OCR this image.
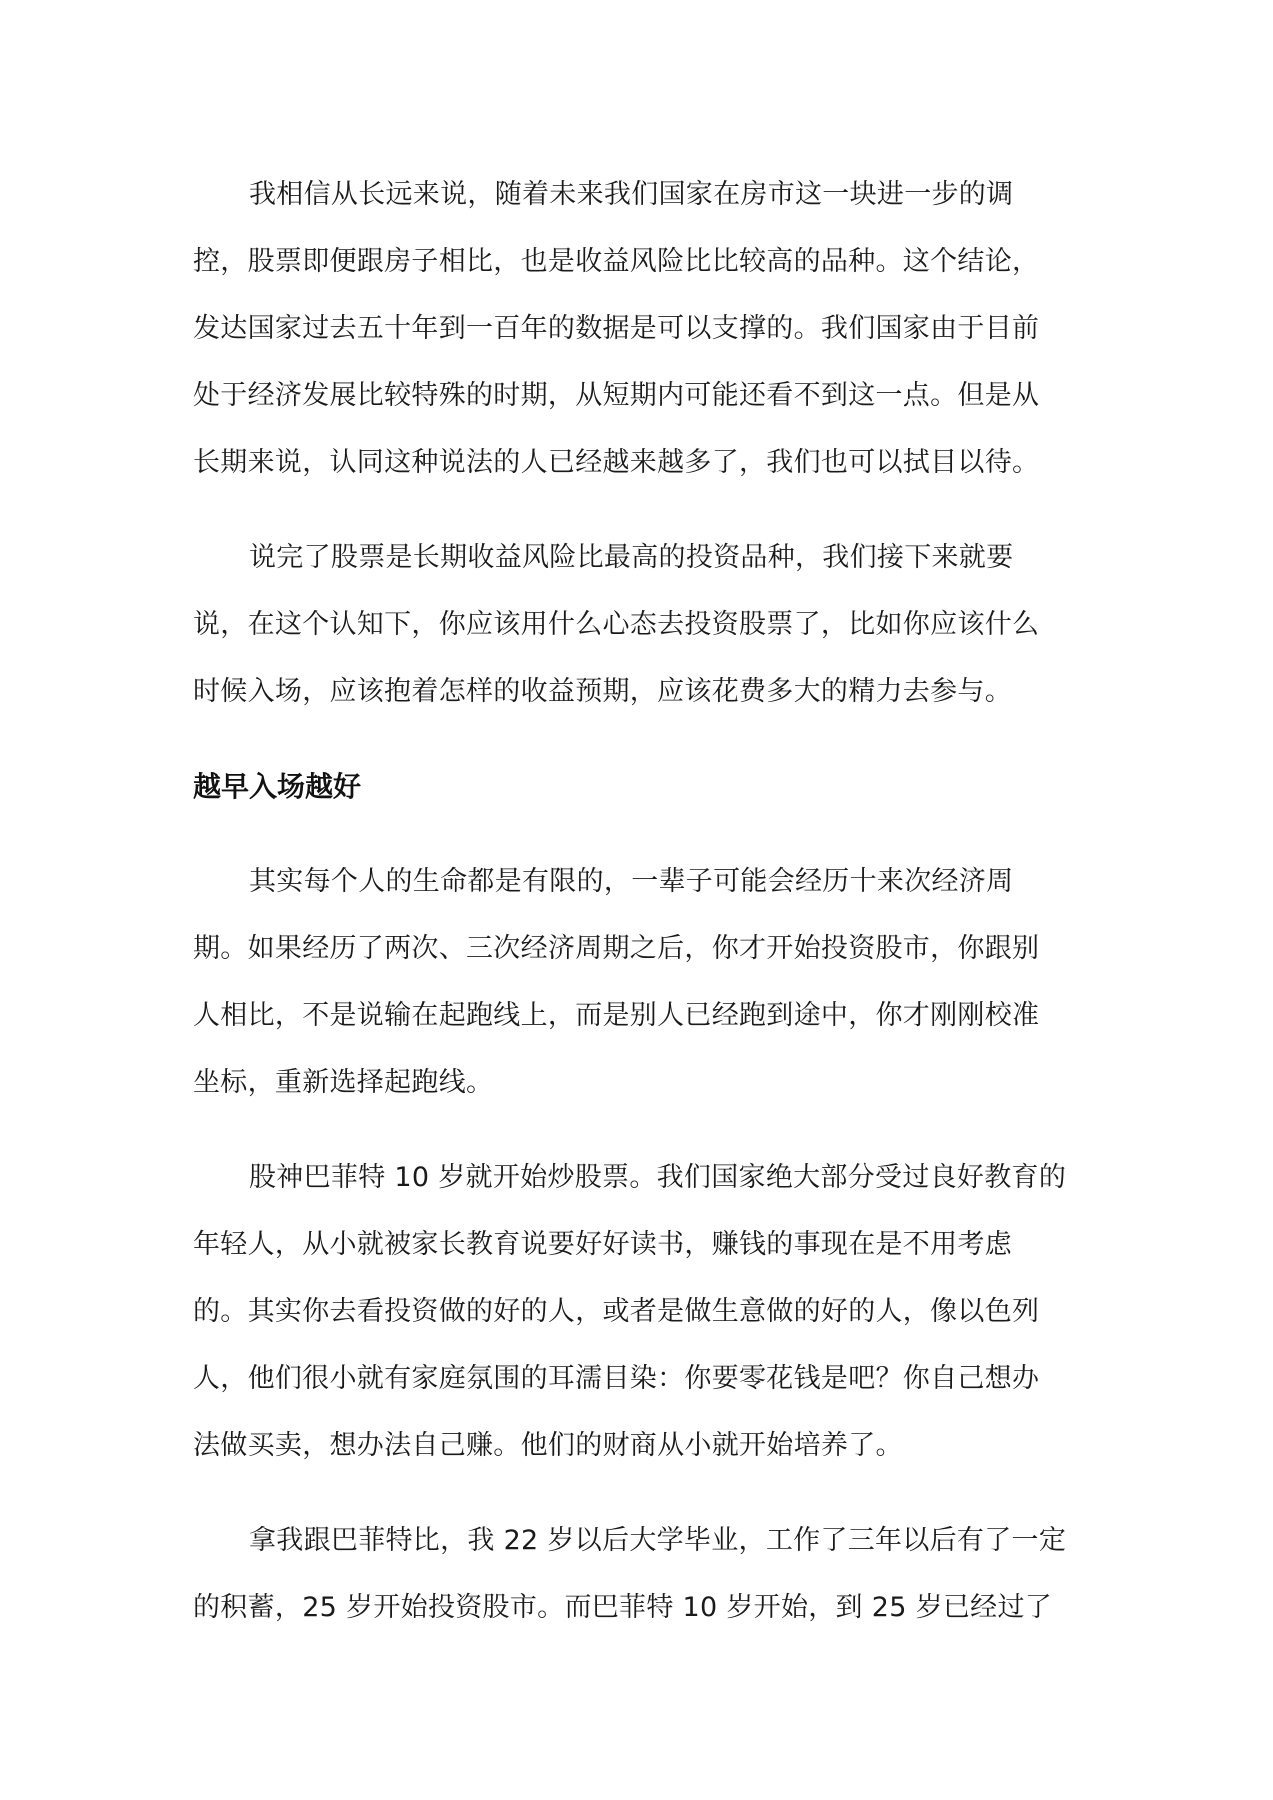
我相信从长远来说，随着未来我们国家在房市这一块进一步的调
控，股票即便跟房子相比，也是收益风险比比较高的品种。这个结论，
发达国家过去五十年到一百年的数据是可以支撑的。我们国家由于目前
处于经济发展比较特殊的时期，从短期内可能还看不到这一点。但是从
长期来说，认同这种说法的人已经越来越多了，我们也可以拭目以待。
说完了股票是长期收益风险比最高的投资品种，我们接下来就要
说，在这个认知下，你应该用什么心态去投资股票了，比如你应该什么
时候入场，应该抱着怎样的收益预期，应该花费多大的精力去参与。
越早入场越好
其实每个人的生命都是有限的，一辈子可能会经历十来次经济周
期。如果经历了两次、三次经济周期之后，你才开始投资股市，你跟别
人相比，不是说输在起跑线上，而是别人已经跑到途中，你才刚刚校准
坐标，重新选择起跑线。
股神巴菲特 10 岁就开始炒股票。我们国家绝大部分受过良好教育的
年轻人，从小就被家长教育说要好好读书，赚钱的事现在是不用考虑
的。其实你去看投资做的好的人，或者是做生意做的好的人，像以色列
人，他们很小就有家庭氛围的耳濡目染：你要零花钱是吧？你自己想办
法做买卖，想办法自己赚。他们的财商从小就开始培养了。
拿我跟巴菲特比，我 22 岁以后大学毕业，工作了三年以后有了一定
的积蓄，25 岁开始投资股市。而巴菲特 10 岁开始，到 25 岁已经过了
